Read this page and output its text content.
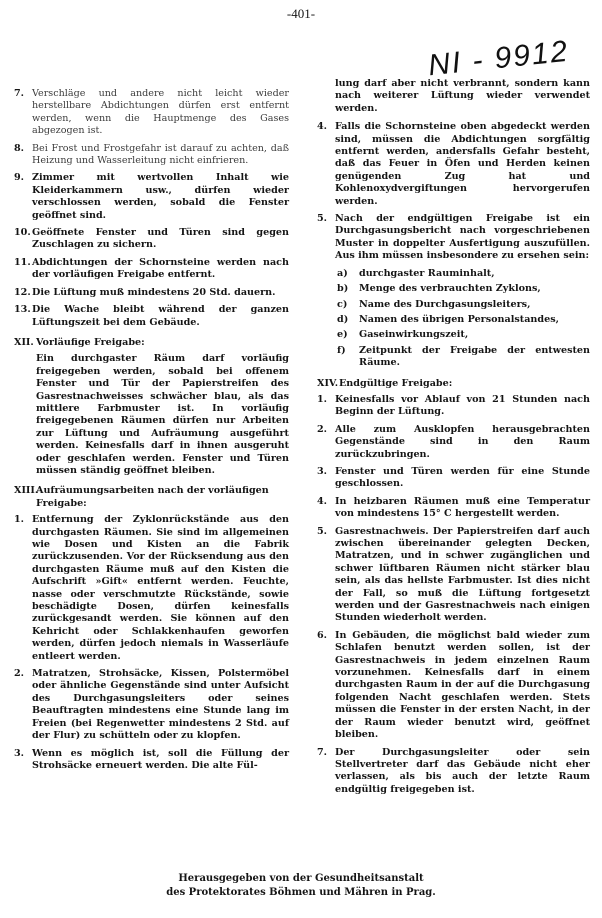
-401-
NI - 9912
7. Verschläge und andere nicht leicht wieder herstellbare Abdichtungen dürfen erst entfernt werden, wenn die Hauptmenge des Gases abgezogen ist.
8. Bei Frost und Frostgefahr ist darauf zu achten, daß Heizung und Wasserleitung nicht einfrieren.
9. Zimmer mit wertvollen Inhalt wie Kleiderkammern usw., dürfen wieder verschlossen werden, sobald die Fenster geöffnet sind.
10. Geöffnete Fenster und Türen sind gegen Zuschlagen zu sichern.
11. Abdichtungen der Schornsteine werden nach der vorläufigen Freigabe entfernt.
12. Die Lüftung muß mindestens 20 Std. dauern.
13. Die Wache bleibt während der ganzen Lüftungszeit bei dem Gebäude.
XII. Vorläufige Freigabe:
Ein durchgaster Räum darf vorläufig freigegeben werden, sobald bei offenem Fenster und Tür der Papierstreifen des Gasrestnachweisses schwächer blau, als das mittlere Farbmuster ist. In vorläufig freigegebenen Räumen dürfen nur Arbeiten zur Lüftung und Aufräumung ausgeführt werden. Keinesfalls darf in ihnen ausgeruht oder geschlafen werden. Fenster und Türen müssen ständig geöffnet bleiben.
XIII.
Aufräumungsarbeiten nach der vorläufigen Freigabe:
1. Entfernung der Zyklonrückstände aus den durchgasten Räumen. Sie sind im allgemeinen wie Dosen und Kisten an die Fabrik zurückzusenden. Vor der Rücksendung aus den durchgasten Räume muß auf den Kisten die Aufschrift »Gift« entfernt werden. Feuchte, nasse oder verschmutzte Rückstände, sowie beschädigte Dosen, dürfen keinesfalls zurückgesandt werden. Sie können auf den Kehricht oder Schlakkenhaufen geworfen werden, dürfen jedoch niemals in Wasserläufe entleert werden.
2. Matratzen, Strohsäcke, Kissen, Polstermöbel oder ähnliche Gegenstände sind unter Aufsicht des Durchgasungsleiters oder seines Beauftragten mindestens eine Stunde lang im Freien (bei Regenwetter mindestens 2 Std. auf der Flur) zu schütteln oder zu klopfen.
3. Wenn es möglich ist, soll die Füllung der Strohsäcke erneuert werden. Die alte Fül-
lung darf aber nicht verbrannt, sondern kann nach weiterer Lüftung wieder verwendet werden.
4. Falls die Schornsteine oben abgedeckt werden sind, müssen die Abdichtungen sorgfältig entfernt werden, andersfalls Gefahr besteht, daß das Feuer in Öfen und Herden keinen genügenden Zug hat und Kohlenoxydvergiftungen hervorgerufen werden.
5. Nach der endgültigen Freigabe ist ein Durchgasungsbericht nach vorgeschriebenen Muster in doppelter Ausfertigung auszufüllen. Aus ihm müssen insbesondere zu ersehen sein:
a) durchgaster Rauminhalt,
b) Menge des verbrauchten Zyklons,
c) Name des Durchgasungsleiters,
d) Namen des übrigen Personalstandes,
e) Gaseinwirkungszeit,
f) Zeitpunkt der Freigabe der entwesten Räume.
XIV. Endgültige Freigabe:
1. Keinesfalls vor Ablauf von 21 Stunden nach Beginn der Lüftung.
2. Alle zum Ausklopfen herausgebrachten Gegenstände sind in den Raum zurückzubringen.
3. Fenster und Türen werden für eine Stunde geschlossen.
4. In heizbaren Räumen muß eine Temperatur von mindestens 15° C hergestellt werden.
5. Gasrestnachweis. Der Papierstreifen darf auch zwischen übereinander gelegten Decken, Matratzen, und in schwer zugänglichen und schwer lüftbaren Räumen nicht stärker blau sein, als das hellste Farbmuster. Ist dies nicht der Fall, so muß die Lüftung fortgesetzt werden und der Gasrestnachweis nach einigen Stunden wiederholt werden.
6. In Gebäuden, die möglichst bald wieder zum Schlafen benutzt werden sollen, ist der Gasrestnachweis in jedem einzelnen Raum vorzunehmen. Keinesfalls darf in einem durchgasten Raum in der auf die Durchgasung folgenden Nacht geschlafen werden. Stets müssen die Fenster in der ersten Nacht, in der der Raum wieder benutzt wird, geöffnet bleiben.
7. Der Durchgasungsleiter oder sein Stellvertreter darf das Gebäude nicht eher verlassen, als bis auch der letzte Raum endgültig freigegeben ist.
Herausgegeben von der Gesundheitsanstalt
des Protektorates Böhmen und Mähren in Prag.
